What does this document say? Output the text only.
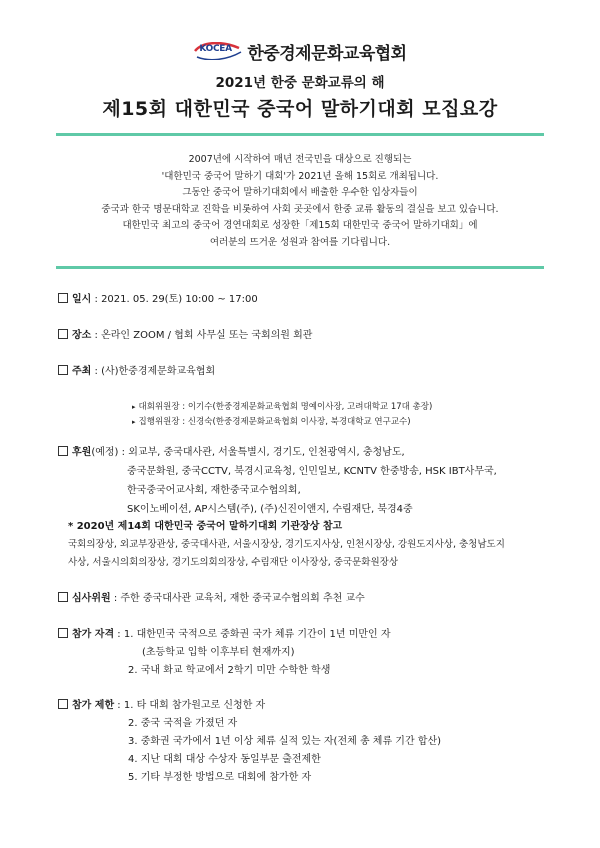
KOCEA 한중경제문화교육협회
2021년 한중 문화교류의 해
제15회 대한민국 중국어 말하기대회 모집요강
2007년에 시작하여 매년 전국민을 대상으로 진행되는
'대한민국 중국어 말하기 대회'가 2021년 올해 15회로 개최됩니다.
그동안 중국어 말하기대회에서 배출한 우수한 입상자들이
중국과 한국 명문대학교 진학을 비롯하여 사회 곳곳에서 한중 교류 활동의 결실을 보고 있습니다.
대한민국 최고의 중국어 경연대회로 성장한「제15회 대한민국 중국어 말하기대회」에
여러분의 뜨거운 성원과 참여를 기다립니다.
일시 : 2021. 05. 29(토) 10:00 ~ 17:00
장소 : 온라인 ZOOM / 협회 사무실 또는 국회의원 회관
주최 : (사)한중경제문화교육협회
▸ 대회위원장 : 이기수(한중경제문화교육협회 명예이사장, 고려대학교 17대 총장)
▸ 집행위원장 : 신경숙(한중경제문화교육협회 이사장, 북경대학교 연구교수)
후원(예정) : 외교부, 중국대사관, 서울특별시, 경기도, 인천광역시, 충청남도,
중국문화원, 중국CCTV, 북경시교육청, 인민일보, KCNTV 한중방송, HSK IBT사무국,
한국중국어교사회, 재한중국교수협의회,
SK이노베이션, AP시스템(주), (주)신진이앤지, 수림재단, 북경4중
* 2020년 제14회 대한민국 중국어 말하기대회 기관장상 참고
국회의장상, 외교부장관상, 중국대사관, 서울시장상, 경기도지사상, 인천시장상, 강원도지사상, 충청남도지
사상, 서울시의회의장상, 경기도의회의장상, 수림재단 이사장상, 중국문화원장상
심사위원 : 주한 중국대사관 교육처, 재한 중국교수협의회 추천 교수
참가 자격 : 1. 대한민국 국적으로 중화권 국가 체류 기간이 1년 미만인 자
(초등학교 입학 이후부터 현재까지)
2. 국내 화교 학교에서 2학기 미만 수학한 학생
참가 제한 : 1. 타 대회 참가원고로 신청한 자
2. 중국 국적을 가졌던 자
3. 중화권 국가에서 1년 이상 체류 실적 있는 자(전체 총 체류 기간 합산)
4. 지난 대회 대상 수상자 동일부문 출전제한
5. 기타 부정한 방법으로 대회에 참가한 자
